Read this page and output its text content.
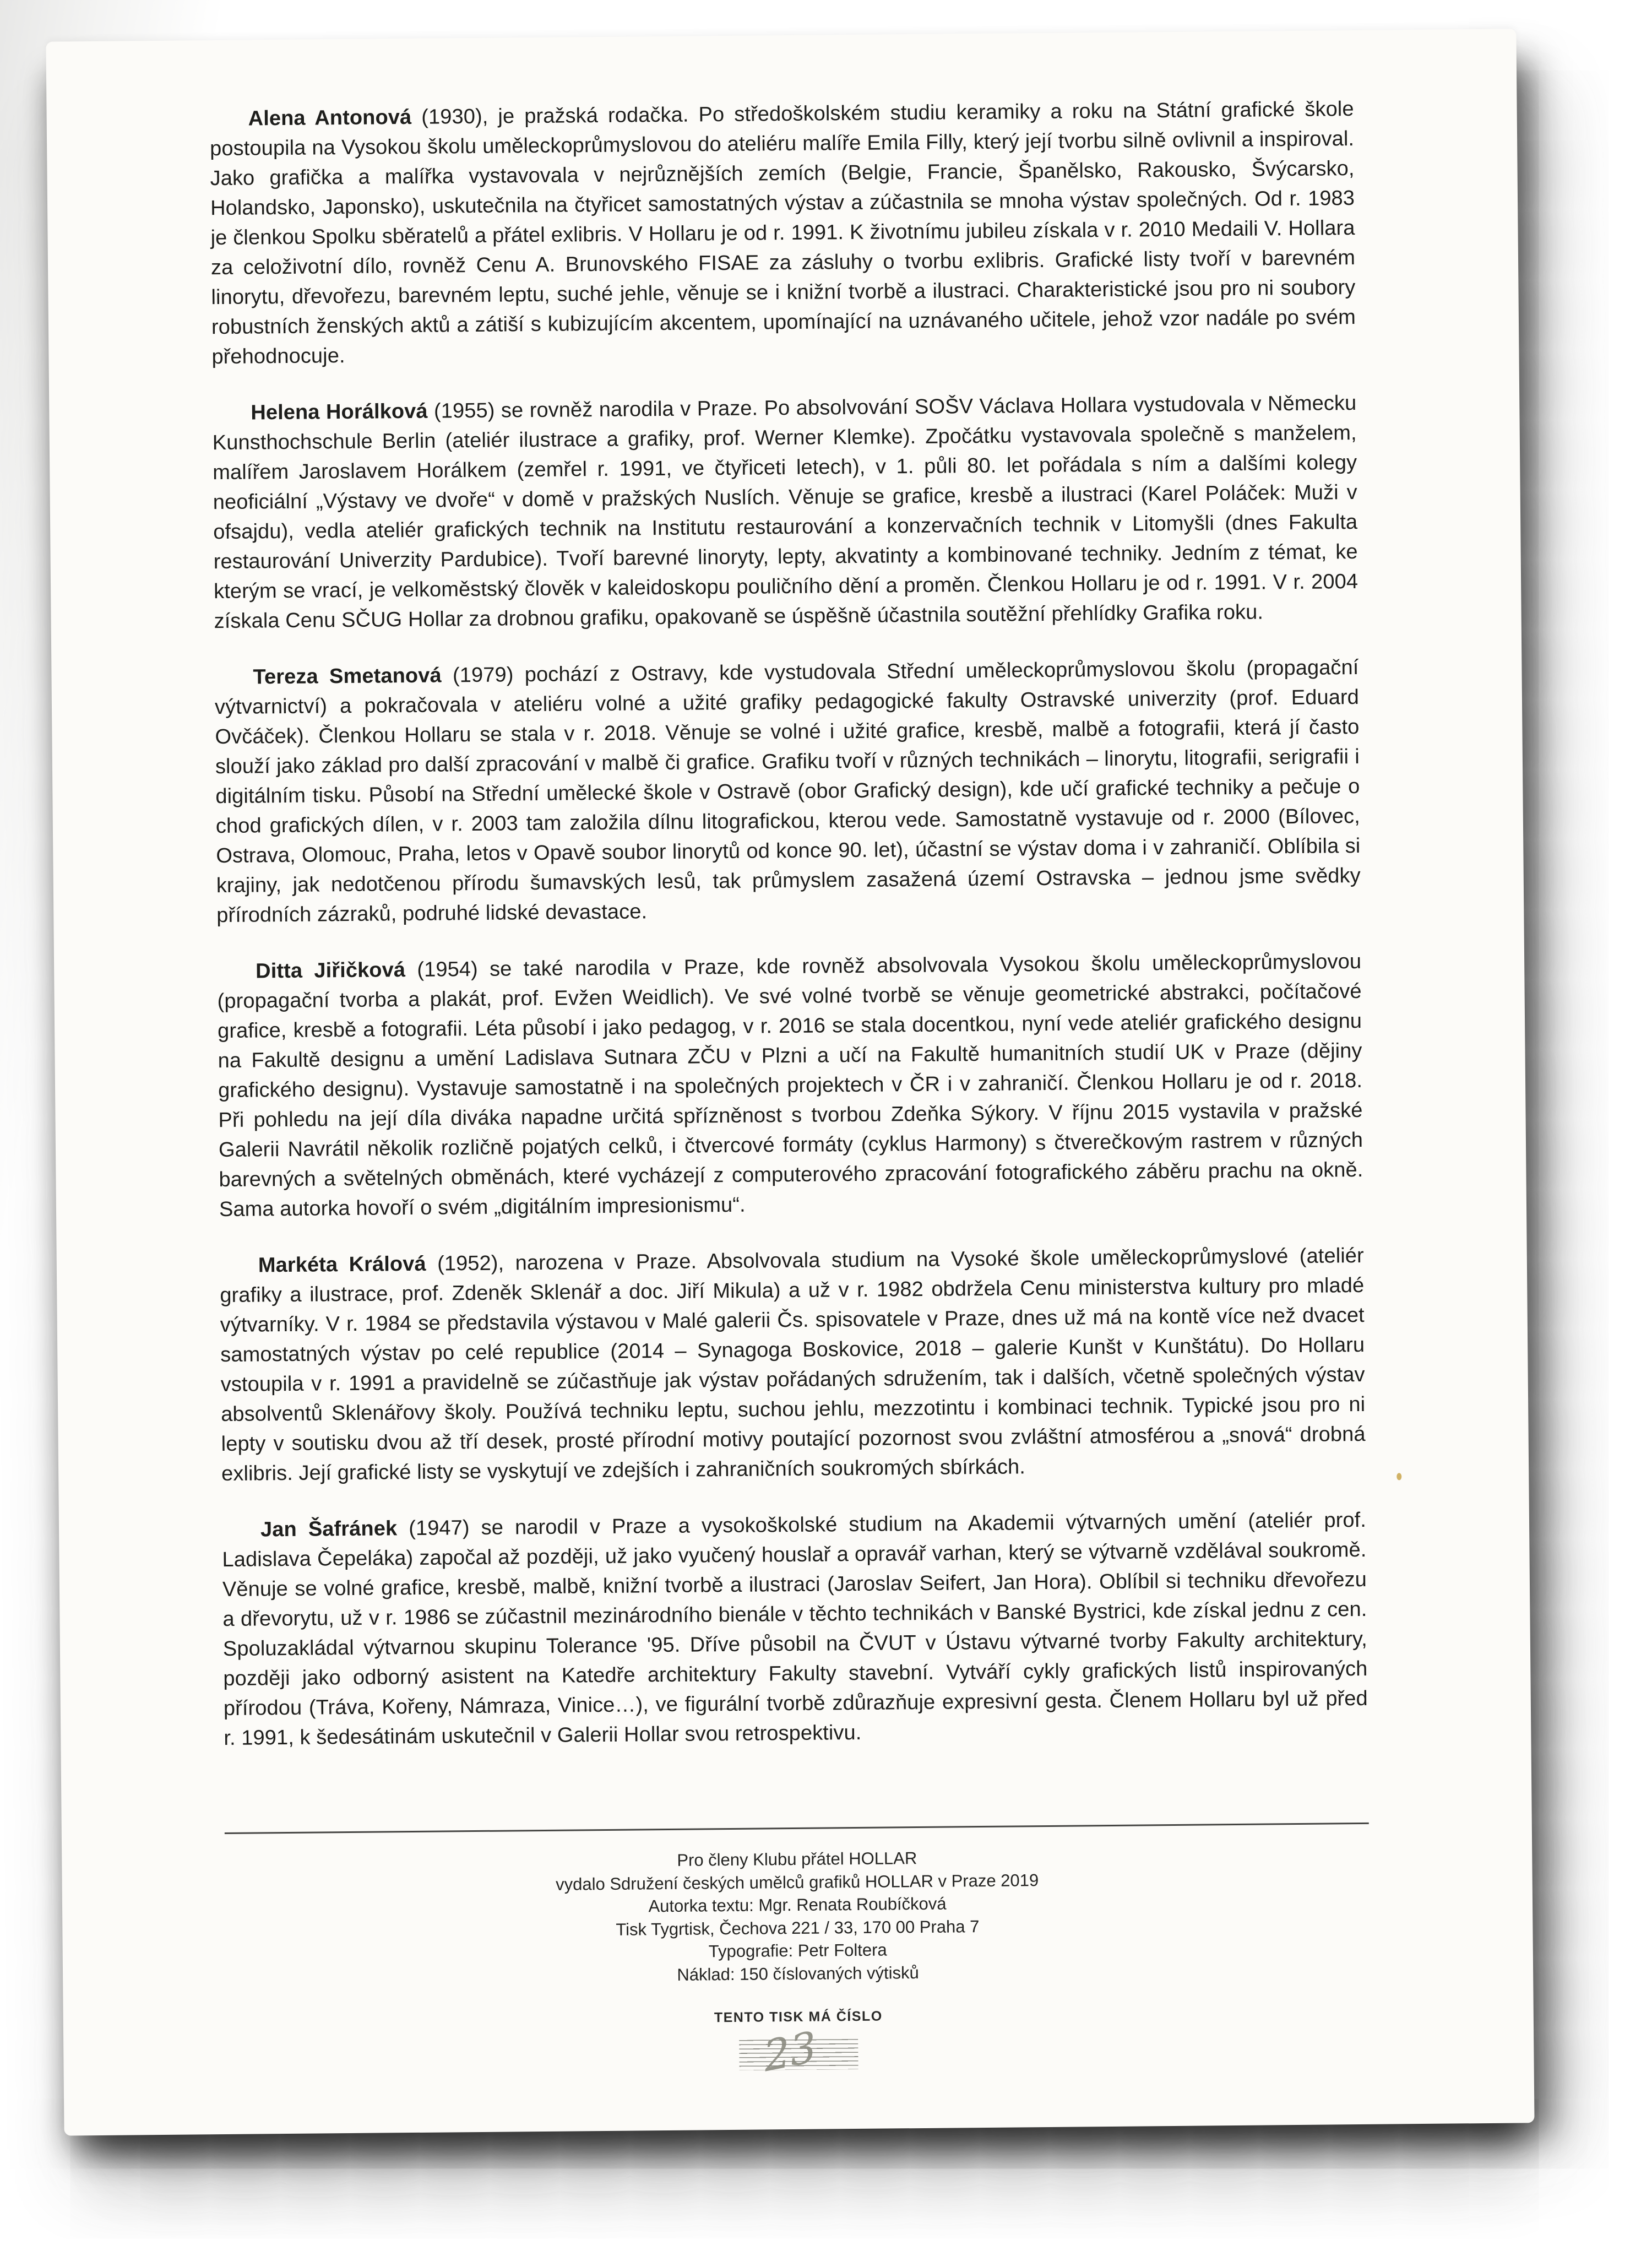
Alena Antonová (1930), je pražská rodačka. Po středoškolském studiu keramiky a roku na Státní grafické škole postoupila na Vysokou školu uměleckoprůmyslovou do ateliéru malíře Emila Filly, který její tvorbu silně ovlivnil a inspiroval. Jako grafička a malířka vystavovala v nejrůznějších zemích (Belgie, Francie, Španělsko, Rakousko, Švýcarsko, Holandsko, Japonsko), uskutečnila na čtyřicet samostatných výstav a zúčastnila se mnoha výstav společných. Od r. 1983 je členkou Spolku sběratelů a přátel exlibris. V Hollaru je od r. 1991. K životnímu jubileu získala v r. 2010 Medaili V. Hollara za celoživotní dílo, rovněž Cenu A. Brunovského FISAE za zásluhy o tvorbu exlibris. Grafické listy tvoří v barevném linorytu, dřevořezu, barevném leptu, suché jehle, věnuje se i knižní tvorbě a ilustraci. Charakteristické jsou pro ni soubory robustních ženských aktů a zátiší s kubizujícím akcentem, upomínající na uznávaného učitele, jehož vzor nadále po svém přehodnocuje.

Helena Horálková (1955) se rovněž narodila v Praze. Po absolvování SOŠV Václava Hollara vystudovala v Německu Kunsthochschule Berlin (ateliér ilustrace a grafiky, prof. Werner Klemke). Zpočátku vystavovala společně s manželem, malířem Jaroslavem Horálkem (zemřel r. 1991, ve čtyřiceti letech), v 1. půli 80. let pořádala s ním a dalšími kolegy neoficiální „Výstavy ve dvoře“ v domě v pražských Nuslích. Věnuje se grafice, kresbě a ilustraci (Karel Poláček: Muži v ofsajdu), vedla ateliér grafických technik na Institutu restaurování a konzervačních technik v Litomyšli (dnes Fakulta restaurování Univerzity Pardubice). Tvoří barevné linoryty, lepty, akvatinty a kombinované techniky. Jedním z témat, ke kterým se vrací, je velkoměstský člověk v kaleidoskopu pouličního dění a proměn. Členkou Hollaru je od r. 1991. V r. 2004 získala Cenu SČUG Hollar za drobnou grafiku, opakovaně se úspěšně účastnila soutěžní přehlídky Grafika roku.

Tereza Smetanová (1979) pochází z Ostravy, kde vystudovala Střední uměleckoprůmyslovou školu (propagační výtvarnictví) a pokračovala v ateliéru volné a užité grafiky pedagogické fakulty Ostravské univerzity (prof. Eduard Ovčáček). Členkou Hollaru se stala v r. 2018. Věnuje se volné i užité grafice, kresbě, malbě a fotografii, která jí často slouží jako základ pro další zpracování v malbě či grafice. Grafiku tvoří v různých technikách – linorytu, litografii, serigrafii i digitálním tisku. Působí na Střední umělecké škole v Ostravě (obor Grafický design), kde učí grafické techniky a pečuje o chod grafických dílen, v r. 2003 tam založila dílnu litografickou, kterou vede. Samostatně vystavuje od r. 2000 (Bílovec, Ostrava, Olomouc, Praha, letos v Opavě soubor linorytů od konce 90. let), účastní se výstav doma i v zahraničí. Oblíbila si krajiny, jak nedotčenou přírodu šumavských lesů, tak průmyslem zasažená území Ostravska – jednou jsme svědky přírodních zázraků, podruhé lidské devastace.

Ditta Jiřičková (1954) se také narodila v Praze, kde rovněž absolvovala Vysokou školu uměleckoprůmyslovou (propagační tvorba a plakát, prof. Evžen Weidlich). Ve své volné tvorbě se věnuje geometrické abstrakci, počítačové grafice, kresbě a fotografii. Léta působí i jako pedagog, v r. 2016 se stala docentkou, nyní vede ateliér grafického designu na Fakultě designu a umění Ladislava Sutnara ZČU v Plzni a učí na Fakultě humanitních studií UK v Praze (dějiny grafického designu). Vystavuje samostatně i na společných projektech v ČR i v zahraničí. Členkou Hollaru je od r. 2018. Při pohledu na její díla diváka napadne určitá spřízněnost s tvorbou Zdeňka Sýkory. V říjnu 2015 vystavila v pražské Galerii Navrátil několik rozličně pojatých celků, i čtvercové formáty (cyklus Harmony) s čtverečkovým rastrem v různých barevných a světelných obměnách, které vycházejí z computerového zpracování fotografického záběru prachu na okně. Sama autorka hovoří o svém „digitálním impresionismu“.

Markéta Králová (1952), narozena v Praze. Absolvovala studium na Vysoké škole uměleckoprůmyslové (ateliér grafiky a ilustrace, prof. Zdeněk Sklenář a doc. Jiří Mikula) a už v r. 1982 obdržela Cenu ministerstva kultury pro mladé výtvarníky. V r. 1984 se představila výstavou v Malé galerii Čs. spisovatele v Praze, dnes už má na kontě více než dvacet samostatných výstav po celé republice (2014 – Synagoga Boskovice, 2018 – galerie Kunšt v Kunštátu). Do Hollaru vstoupila v r. 1991 a pravidelně se zúčastňuje jak výstav pořádaných sdružením, tak i dalších, včetně společných výstav absolventů Sklenářovy školy. Používá techniku leptu, suchou jehlu, mezzotintu i kombinaci technik. Typické jsou pro ni lepty v soutisku dvou až tří desek, prosté přírodní motivy poutající pozornost svou zvláštní atmosférou a „snová“ drobná exlibris. Její grafické listy se vyskytují ve zdejších i zahraničních soukromých sbírkách.

Jan Šafránek (1947) se narodil v Praze a vysokoškolské studium na Akademii výtvarných umění (ateliér prof. Ladislava Čepeláka) započal až později, už jako vyučený houslař a opravář varhan, který se výtvarně vzdělával soukromě. Věnuje se volné grafice, kresbě, malbě, knižní tvorbě a ilustraci (Jaroslav Seifert, Jan Hora). Oblíbil si techniku dřevořezu a dřevorytu, už v r. 1986 se zúčastnil mezinárodního bienále v těchto technikách v Banské Bystrici, kde získal jednu z cen. Spoluzakládal výtvarnou skupinu Tolerance '95. Dříve působil na ČVUT v Ústavu výtvarné tvorby Fakulty architektury, později jako odborný asistent na Katedře architektury Fakulty stavební. Vytváří cykly grafických listů inspirovaných přírodou (Tráva, Kořeny, Námraza, Vinice…), ve figurální tvorbě zdůrazňuje expresivní gesta. Členem Hollaru byl už před r. 1991, k šedesátinám uskutečnil v Galerii Hollar svou retrospektivu.

Pro členy Klubu přátel HOLLAR
vydalo Sdružení českých umělců grafiků HOLLAR v Praze 2019
Autorka textu: Mgr. Renata Roubíčková
Tisk Tygrtisk, Čechova 221 / 33, 170 00 Praha 7
Typografie: Petr Foltera
Náklad: 150 číslovaných výtisků
TENTO TISK MÁ ČÍSLO
23
